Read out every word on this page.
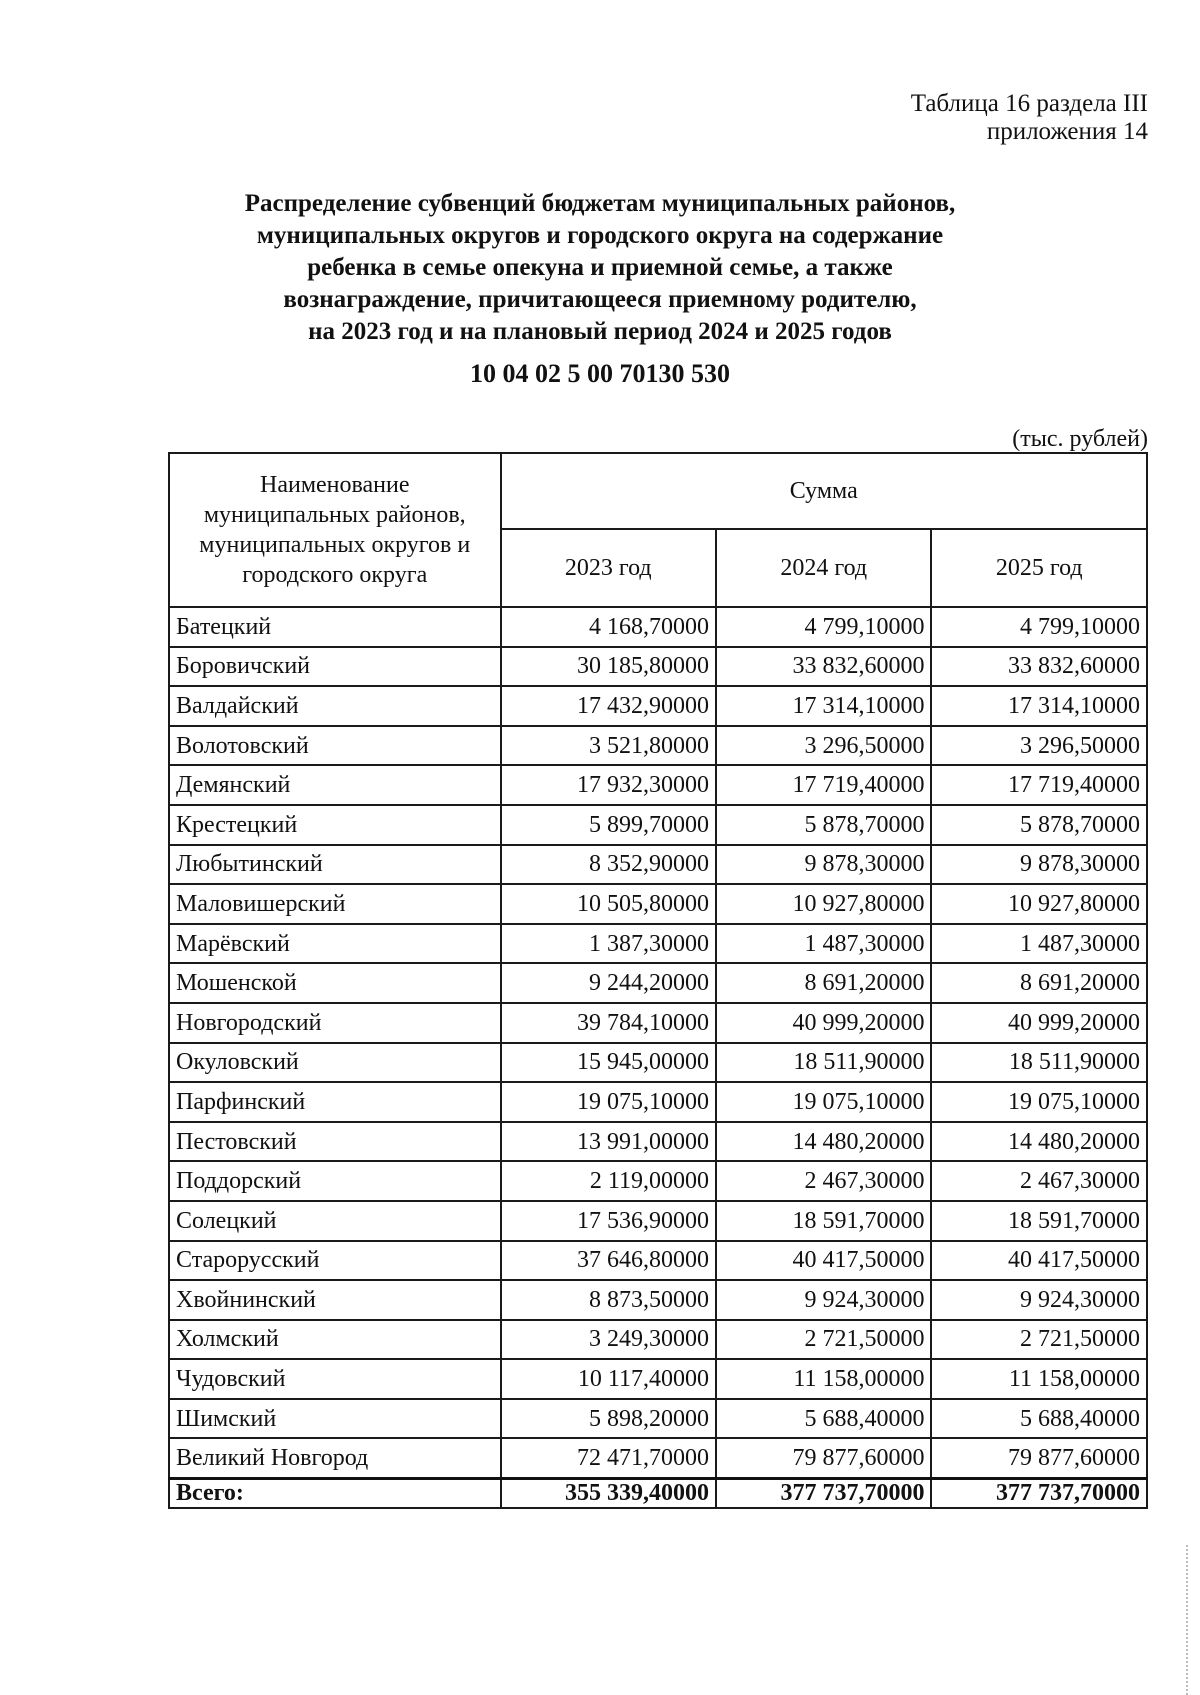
Таблица 16 раздела III
приложения 14
Распределение субвенций бюджетам муниципальных районов,
муниципальных округов и городского округа на содержание
ребенка в семье опекуна и приемной семье, а также
вознаграждение, причитающееся приемному родителю,
на 2023 год и на плановый период 2024 и 2025 годов
10 04 02 5 00 70130 530
(тыс. рублей)
Наименование муниципальных районов, муниципальных округов и городского округа	Сумма		
	2023 год	2024 год	2025 год
Батецкий	4 168,70000	4 799,10000	4 799,10000
Боровичский	30 185,80000	33 832,60000	33 832,60000
Валдайский	17 432,90000	17 314,10000	17 314,10000
Волотовский	3 521,80000	3 296,50000	3 296,50000
Демянский	17 932,30000	17 719,40000	17 719,40000
Крестецкий	5 899,70000	5 878,70000	5 878,70000
Любытинский	8 352,90000	9 878,30000	9 878,30000
Маловишерский	10 505,80000	10 927,80000	10 927,80000
Марёвский	1 387,30000	1 487,30000	1 487,30000
Мошенской	9 244,20000	8 691,20000	8 691,20000
Новгородский	39 784,10000	40 999,20000	40 999,20000
Окуловский	15 945,00000	18 511,90000	18 511,90000
Парфинский	19 075,10000	19 075,10000	19 075,10000
Пестовский	13 991,00000	14 480,20000	14 480,20000
Поддорский	2 119,00000	2 467,30000	2 467,30000
Солецкий	17 536,90000	18 591,70000	18 591,70000
Старорусский	37 646,80000	40 417,50000	40 417,50000
Хвойнинский	8 873,50000	9 924,30000	9 924,30000
Холмский	3 249,30000	2 721,50000	2 721,50000
Чудовский	10 117,40000	11 158,00000	11 158,00000
Шимский	5 898,20000	5 688,40000	5 688,40000
Великий Новгород	72 471,70000	79 877,60000	79 877,60000
Всего:	355 339,40000	377 737,70000	377 737,70000
